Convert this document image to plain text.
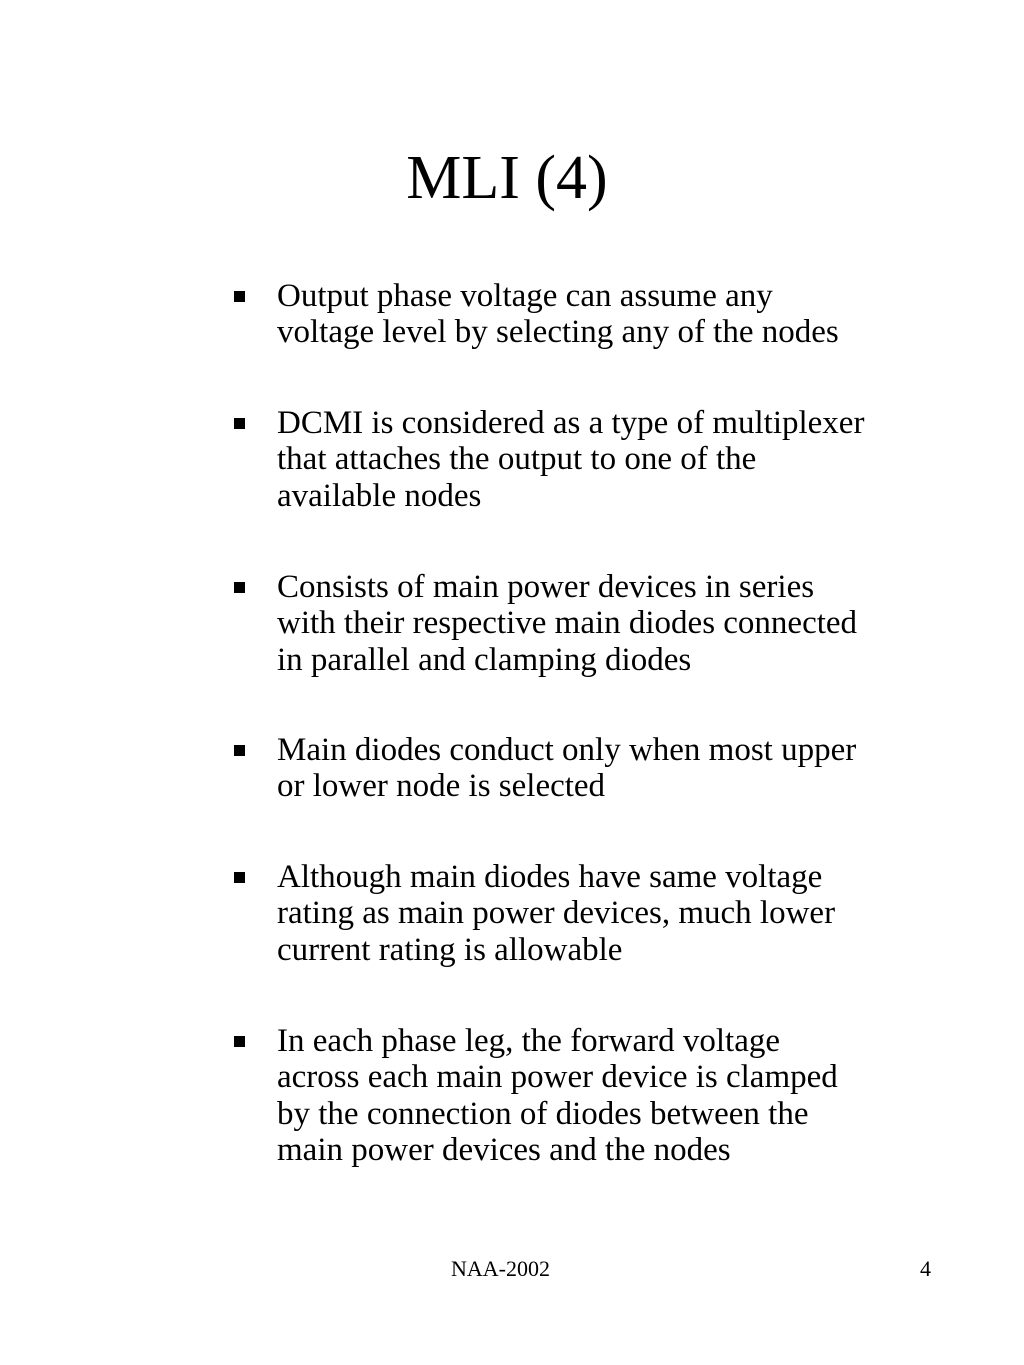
MLI (4)
Output phase voltage can assume any
voltage level by selecting any of the nodes
DCMI is considered as a type of multiplexer
that attaches the output to one of the
available nodes
Consists of main power devices in series
with their respective main diodes connected
in parallel and clamping diodes
Main diodes conduct only when most upper
or lower node is selected
Although main diodes have same voltage
rating as main power devices, much lower
current rating is allowable
In each phase leg, the forward voltage
across each main power device is clamped
by the connection of diodes between the
main power devices and the nodes
NAA-2002	4
